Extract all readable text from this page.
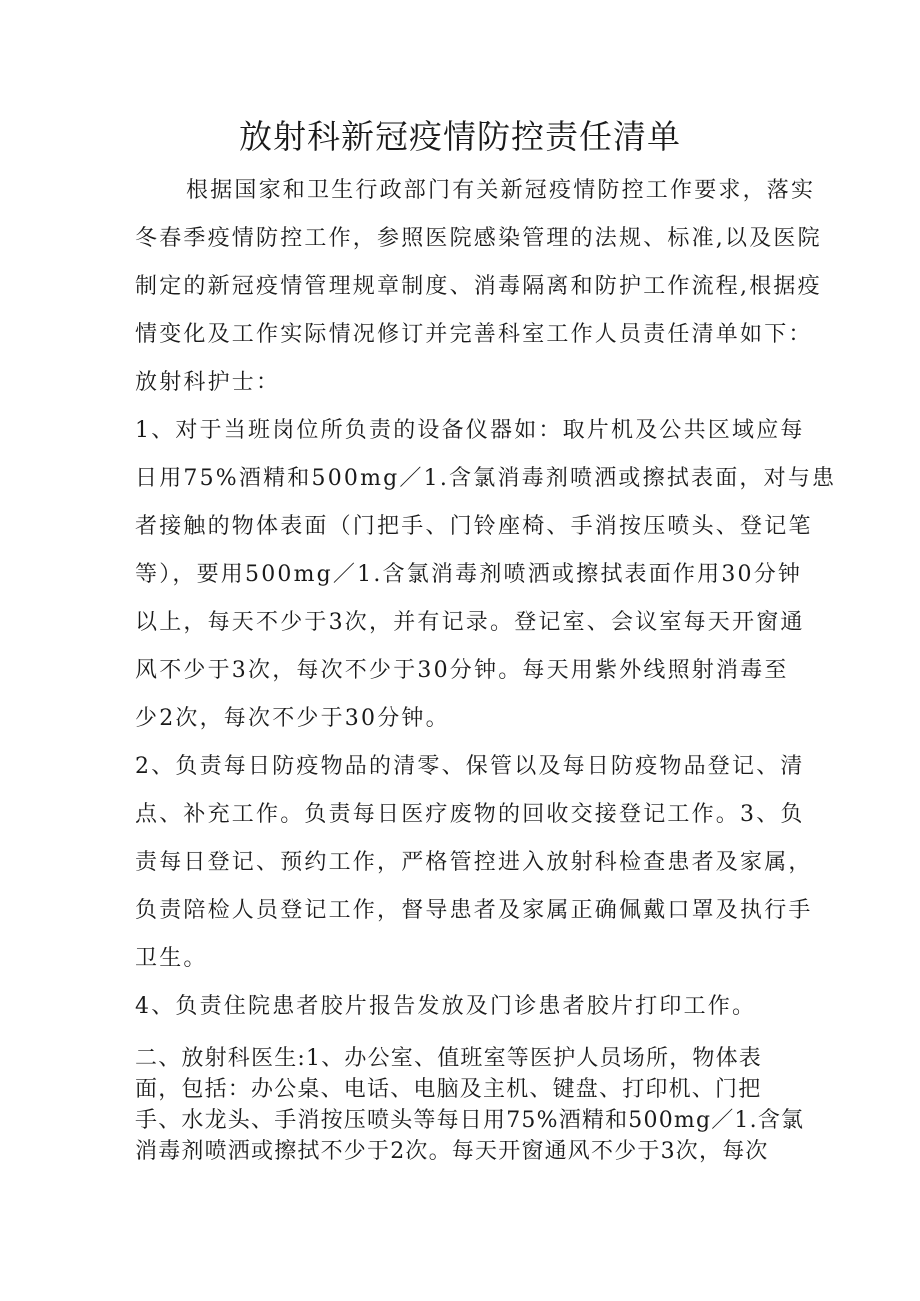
放射科新冠疫情防控责任清单
根据国家和卫生行政部门有关新冠疫情防控工作要求，落实
冬春季疫情防控工作，参照医院感染管理的法规、标准,以及医院
制定的新冠疫情管理规章制度、消毒隔离和防护工作流程,根据疫
情变化及工作实际情况修订并完善科室工作人员责任清单如下：
放射科护士：
1、对于当班岗位所负责的设备仪器如：取片机及公共区域应每
日用75%酒精和500mg／1.含氯消毒剂喷洒或擦拭表面，对与患
者接触的物体表面（门把手、门铃座椅、手消按压喷头、登记笔
等），要用500mg／1.含氯消毒剂喷洒或擦拭表面作用30分钟
以上，每天不少于3次，并有记录。登记室、会议室每天开窗通
风不少于3次，每次不少于30分钟。每天用紫外线照射消毒至
少2次，每次不少于30分钟。
2、负责每日防疫物品的清零、保管以及每日防疫物品登记、清
点、补充工作。负责每日医疗废物的回收交接登记工作。3、负
责每日登记、预约工作，严格管控进入放射科检查患者及家属，
负责陪检人员登记工作，督导患者及家属正确佩戴口罩及执行手
卫生。
4、负责住院患者胶片报告发放及门诊患者胶片打印工作。
二、放射科医生:1、办公室、值班室等医护人员场所，物体表
面，包括：办公桌、电话、电脑及主机、键盘、打印机、门把
手、水龙头、手消按压喷头等每日用75%酒精和500mg／1.含氯
消毒剂喷洒或擦拭不少于2次。每天开窗通风不少于3次，每次
